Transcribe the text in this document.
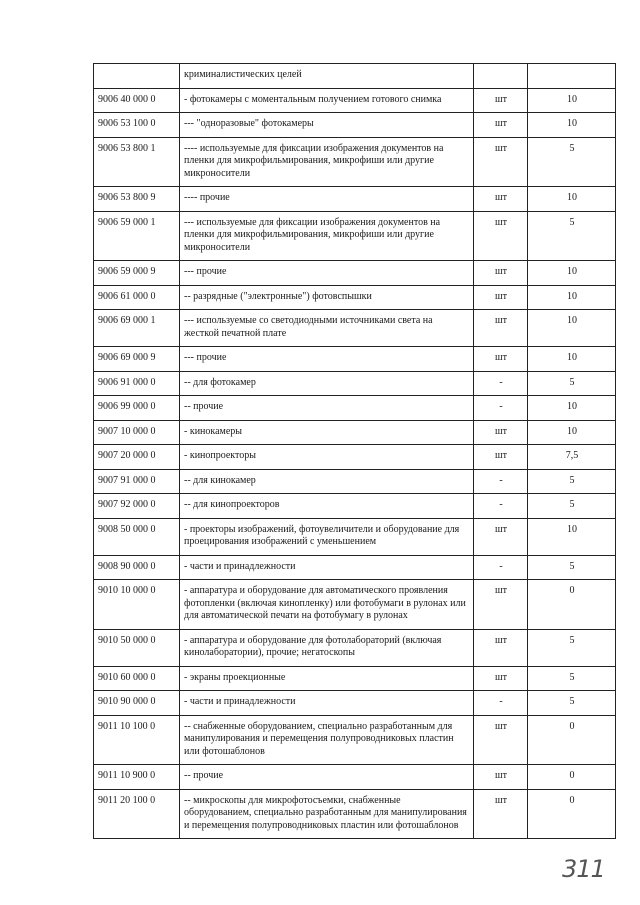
	криминалистических целей		
9006 40 000 0	- фотокамеры с моментальным получением готового снимка	шт	10
9006 53 100 0	--- "одноразовые" фотокамеры	шт	10
9006 53 800 1	---- используемые для фиксации изображения документов на пленки для микрофильмирования, микрофиши или другие микроносители	шт	5
9006 53 800 9	---- прочие	шт	10
9006 59 000 1	--- используемые для фиксации изображения документов на пленки для микрофильмирования, микрофиши или другие микроносители	шт	5
9006 59 000 9	--- прочие	шт	10
9006 61 000 0	-- разрядные ("электронные") фотовспышки	шт	10
9006 69 000 1	--- используемые со светодиодными источниками света на жесткой печатной плате	шт	10
9006 69 000 9	--- прочие	шт	10
9006 91 000 0	-- для фотокамер	-	5
9006 99 000 0	-- прочие	-	10
9007 10 000 0	- кинокамеры	шт	10
9007 20 000 0	- кинопроекторы	шт	7,5
9007 91 000 0	-- для кинокамер	-	5
9007 92 000 0	-- для кинопроекторов	-	5
9008 50 000 0	- проекторы изображений, фотоувеличители и оборудование для проецирования изображений с уменьшением	шт	10
9008 90 000 0	- части и принадлежности	-	5
9010 10 000 0	- аппаратура и оборудование для автоматического проявления фотопленки (включая кинопленку) или фотобумаги в рулонах или для автоматической печати на фотобумагу в рулонах	шт	0
9010 50 000 0	- аппаратура и оборудование для фотолабораторий (включая кинолаборатории), прочие; негатоскопы	шт	5
9010 60 000 0	- экраны проекционные	шт	5
9010 90 000 0	- части и принадлежности	-	5
9011 10 100 0	-- снабженные оборудованием, специально разработанным для манипулирования и перемещения полупроводниковых пластин или фотошаблонов	шт	0
9011 10 900 0	-- прочие	шт	0
9011 20 100 0	-- микроскопы для микрофотосъемки, снабженные оборудованием, специально разработанным для манипулирования и перемещения полупроводниковых пластин или фотошаблонов	шт	0
311
